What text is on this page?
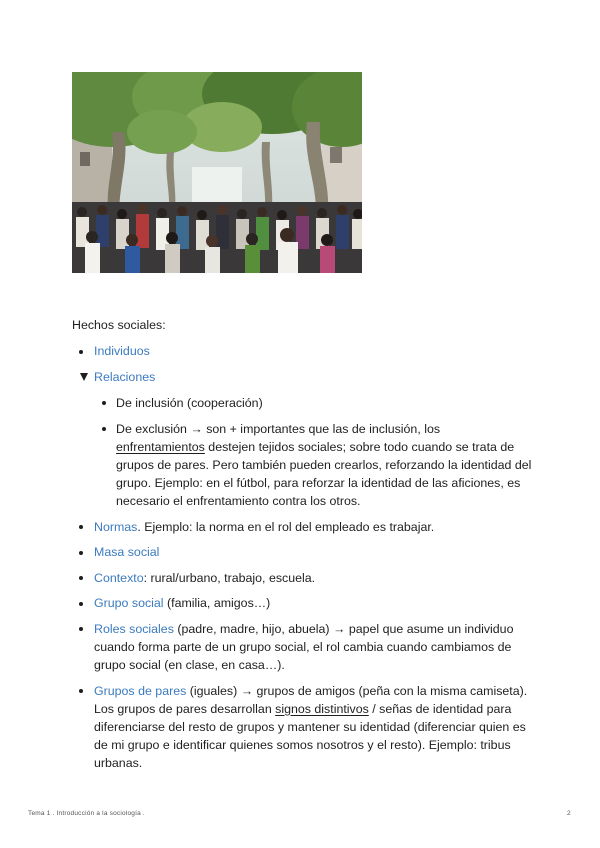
Hechos sociales:

Individuos
Relaciones
De inclusión (cooperación)
De exclusión → son + importantes que las de inclusión, los enfrentamientos destejen tejidos sociales; sobre todo cuando se trata de grupos de pares. Pero también pueden crearlos, reforzando la identidad del grupo. Ejemplo: en el fútbol, para reforzar la identidad de las aficiones, es necesario el enfrentamiento contra los otros.
Normas. Ejemplo: la norma en el rol del empleado es trabajar.
Masa social
Contexto: rural/urbano, trabajo, escuela.
Grupo social (familia, amigos…)
Roles sociales (padre, madre, hijo, abuela) → papel que asume un individuo cuando forma parte de un grupo social, el rol cambia cuando cambiamos de grupo social (en clase, en casa…).
Grupos de pares (iguales) → grupos de amigos (peña con la misma camiseta). Los grupos de pares desarrollan signos distintivos / señas de identidad para diferenciarse del resto de grupos y mantener su identidad (diferenciar quien es de mi grupo e identificar quienes somos nosotros y el resto). Ejemplo: tribus urbanas.
Tema 1 . Introducción a la sociología .	2
